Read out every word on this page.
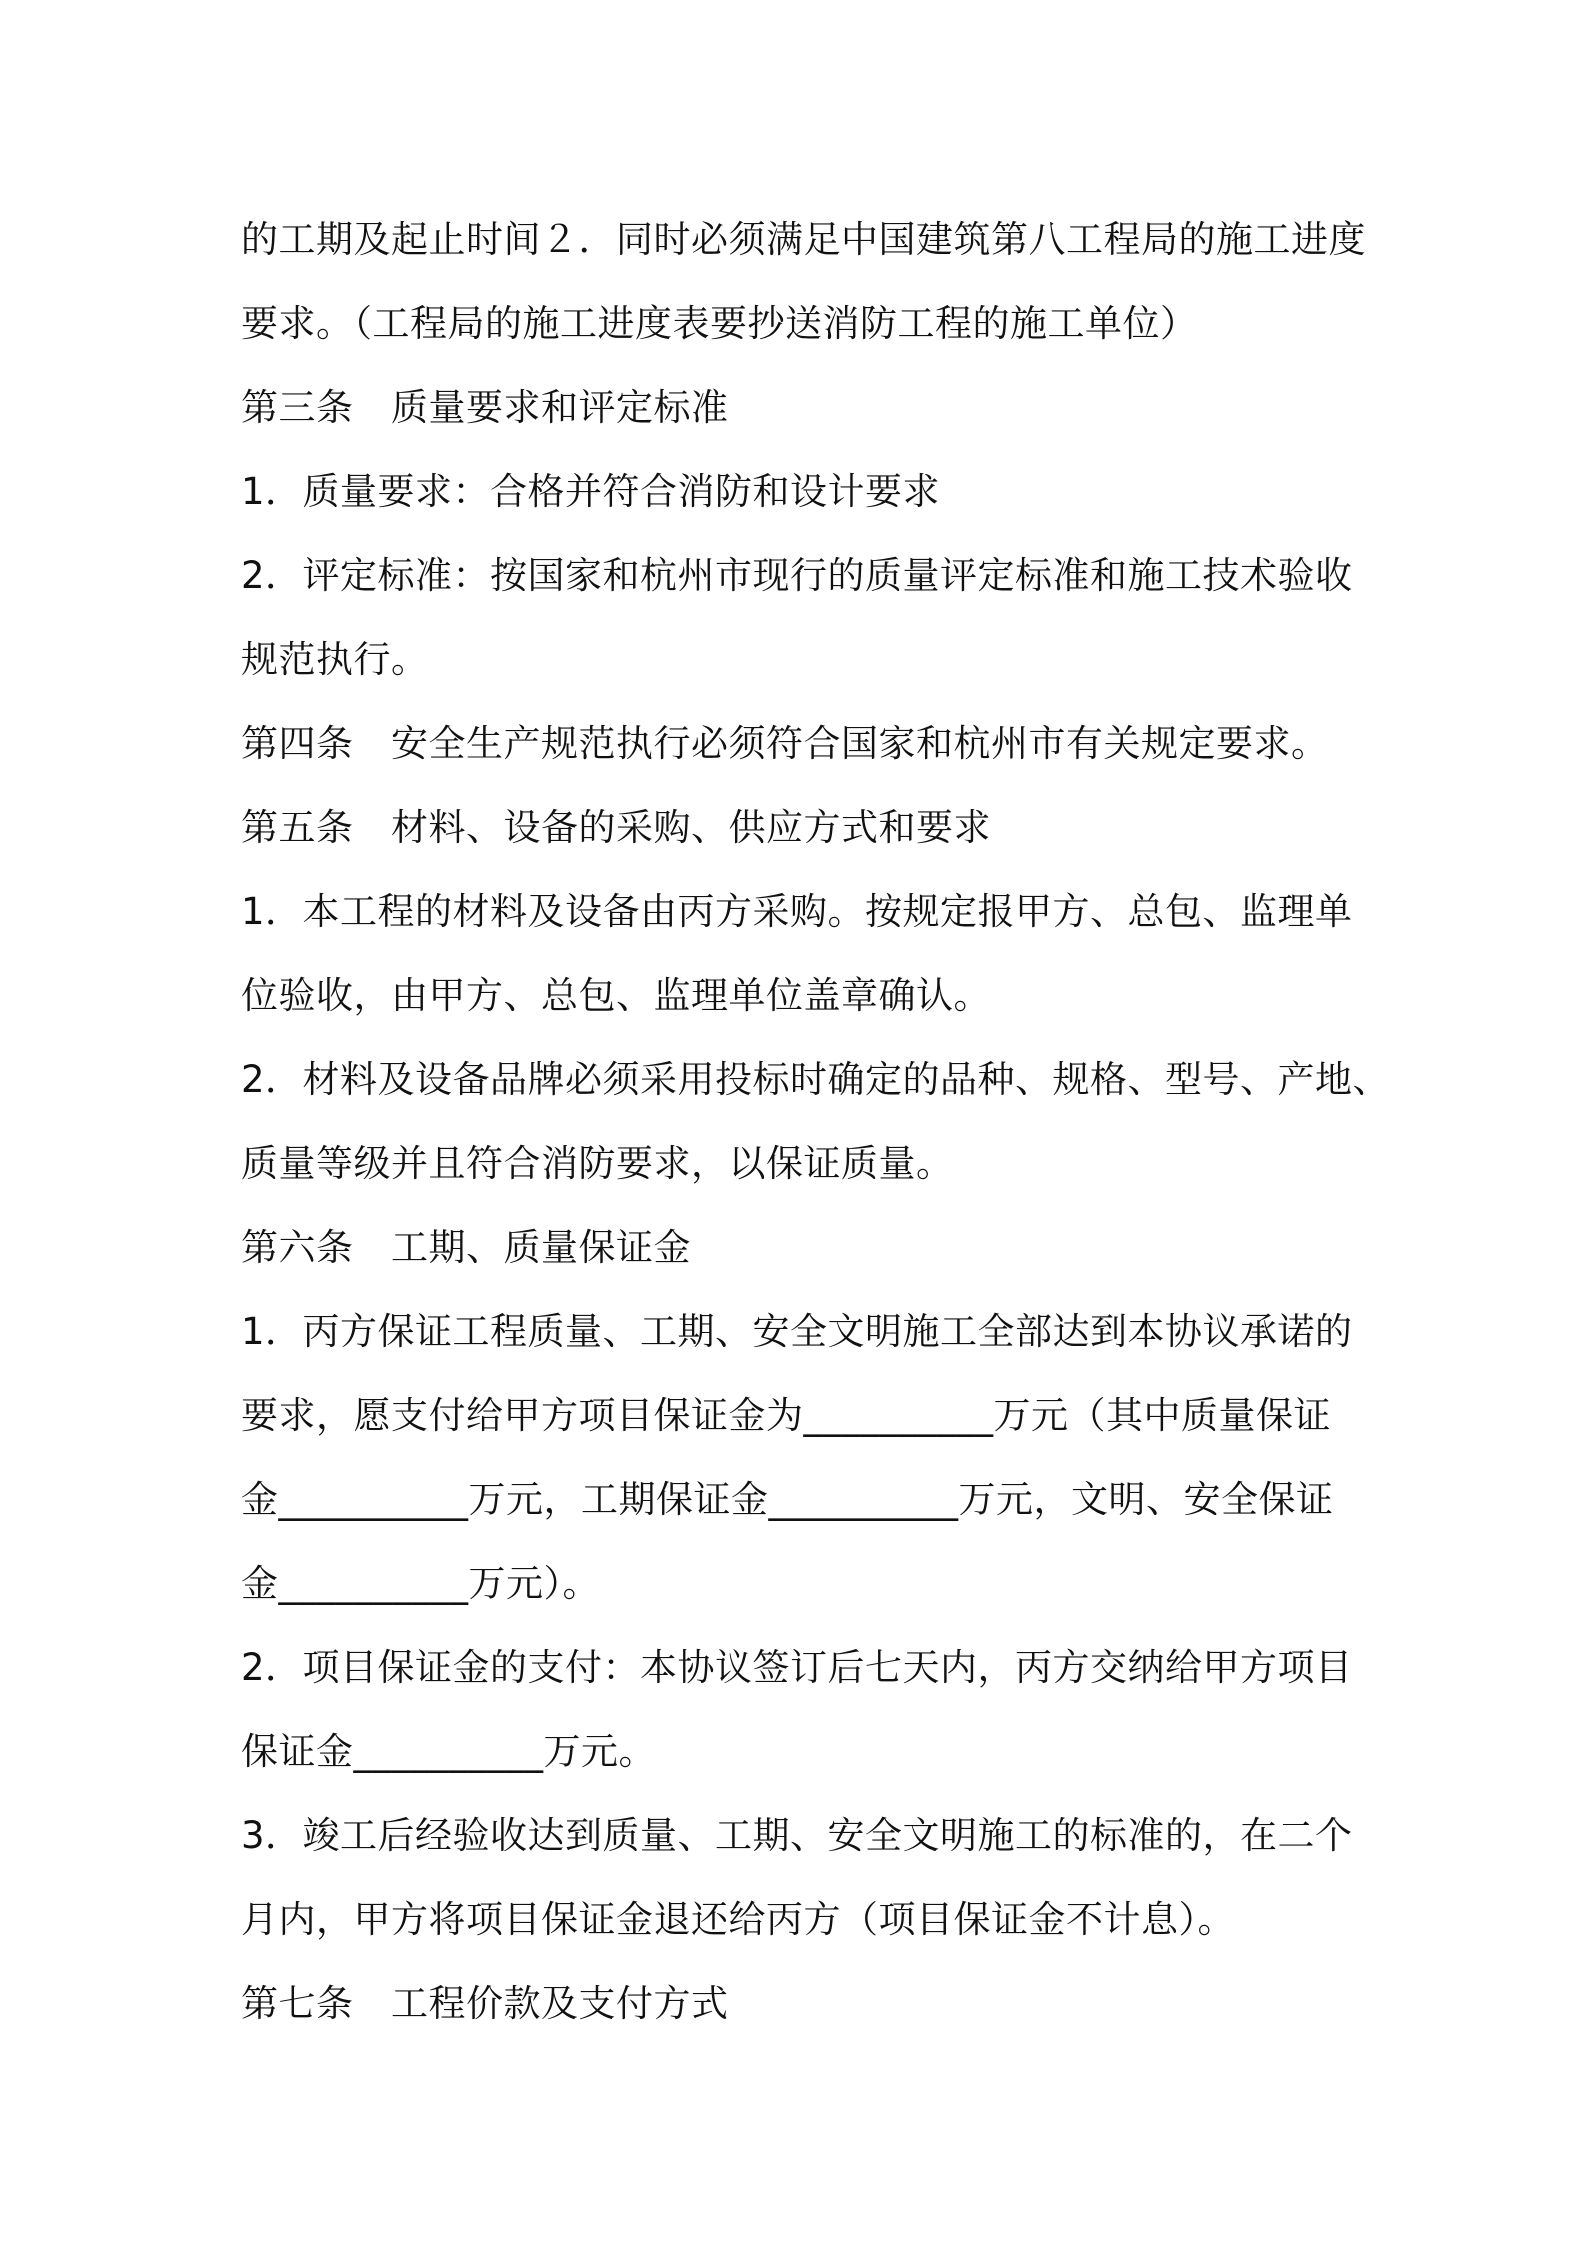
的工期及起止时间２．同时必须满足中国建筑第八工程局的施工进度
要求。（工程局的施工进度表要抄送消防工程的施工单位）
第三条　质量要求和评定标准
1．质量要求：合格并符合消防和设计要求
2．评定标准：按国家和杭州市现行的质量评定标准和施工技术验收
规范执行。
第四条　安全生产规范执行必须符合国家和杭州市有关规定要求。
第五条　材料、设备的采购、供应方式和要求
1．本工程的材料及设备由丙方采购。按规定报甲方、总包、监理单
位验收，由甲方、总包、监理单位盖章确认。
2．材料及设备品牌必须采用投标时确定的品种、规格、型号、产地、
质量等级并且符合消防要求，以保证质量。
第六条　工期、质量保证金
1．丙方保证工程质量、工期、安全文明施工全部达到本协议承诺的
要求，愿支付给甲方项目保证金为__________万元（其中质量保证
金__________万元，工期保证金__________万元，文明、安全保证
金__________万元）。
2．项目保证金的支付：本协议签订后七天内，丙方交纳给甲方项目
保证金__________万元。
3．竣工后经验收达到质量、工期、安全文明施工的标准的，在二个
月内，甲方将项目保证金退还给丙方（项目保证金不计息）。
第七条　工程价款及支付方式
